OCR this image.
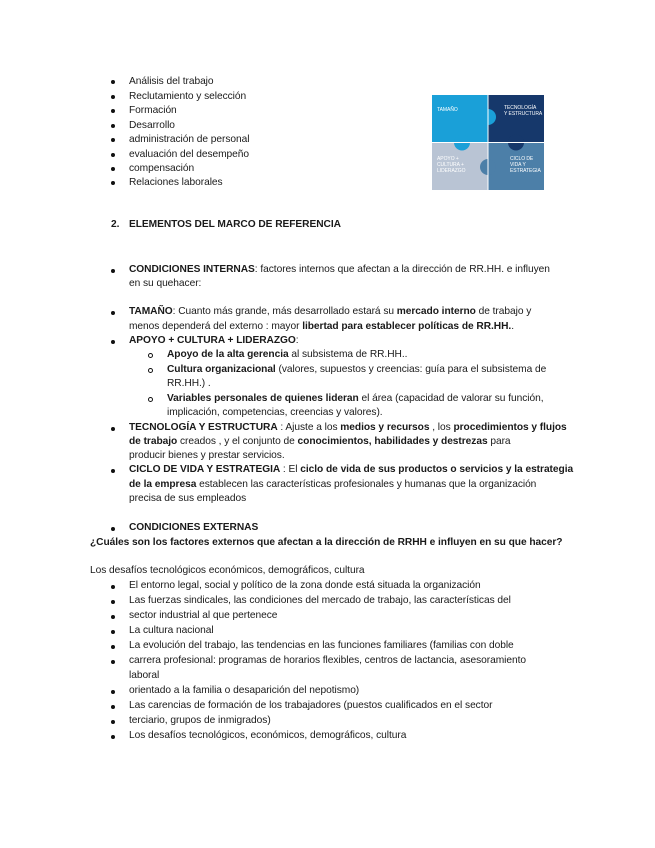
Análisis del trabajo
Reclutamiento y selección
Formación
Desarrollo
administración de personal
evaluación del desempeño
compensación
Relaciones laborales
TAMAÑO	TECNOLOGÍA
Y ESTRUCTURA
APOYO +
CULTURA +
LIDERAZGO
CICLO DE
VIDA Y
ESTRATEGIA
2. ELEMENTOS DEL MARCO DE REFERENCIA
CONDICIONES INTERNAS: factores internos que afectan a la dirección de RR.HH. e influyen
en su quehacer:
TAMAÑO: Cuanto más grande, más desarrollado estará su mercado interno de trabajo y
menos dependerá del externo : mayor libertad para establecer políticas de RR.HH..
APOYO + CULTURA + LIDERAZGO:
Apoyo de la alta gerencia al subsistema de RR.HH..
Cultura organizacional (valores, supuestos y creencias: guía para el subsistema de
RR.HH.) .
Variables personales de quienes lideran el área (capacidad de valorar su función,
implicación, competencias, creencias y valores).
TECNOLOGÍA Y ESTRUCTURA : Ajuste a los medios y recursos , los procedimientos y flujos
de trabajo creados , y el conjunto de conocimientos, habilidades y destrezas para
producir bienes y prestar servicios.
CICLO DE VIDA Y ESTRATEGIA : El ciclo de vida de sus productos o servicios y la estrategia
de la empresa establecen las características profesionales y humanas que la organización
precisa de sus empleados
CONDICIONES EXTERNAS
¿Cuáles son los factores externos que afectan a la dirección de RRHH e influyen en su que hacer?
Los desafíos tecnológicos económicos, demográficos, cultura
El entorno legal, social y político de la zona donde está situada la organización
Las fuerzas sindicales, las condiciones del mercado de trabajo, las características del
sector industrial al que pertenece
La cultura nacional
La evolución del trabajo, las tendencias en las funciones familiares (familias con doble
carrera profesional: programas de horarios flexibles, centros de lactancia, asesoramiento
laboral
orientado a la familia o desaparición del nepotismo)
Las carencias de formación de los trabajadores (puestos cualificados en el sector
terciario, grupos de inmigrados)
Los desafíos tecnológicos, económicos, demográficos, cultura
